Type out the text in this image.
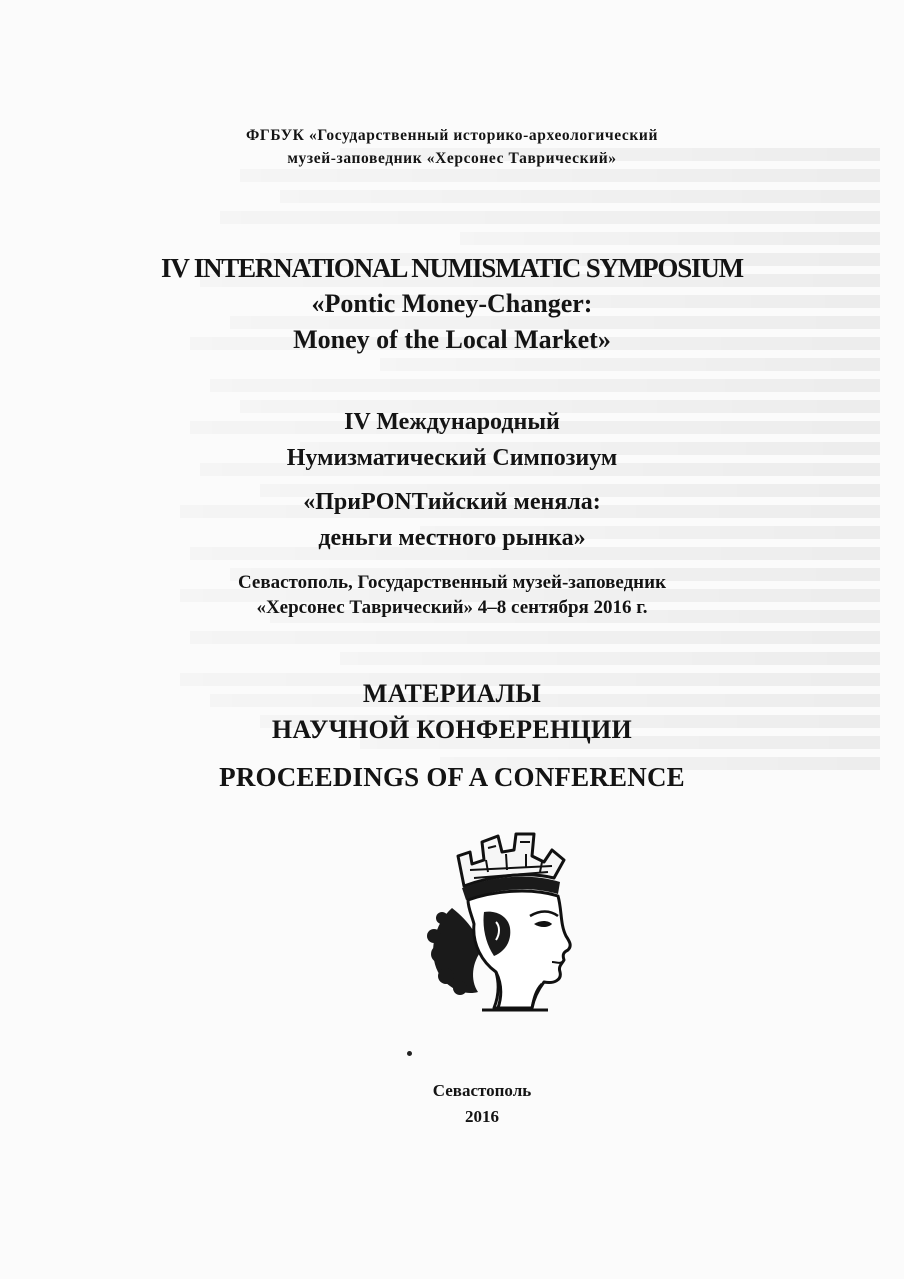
ФГБУК «Государственный историко-археологический
музей-заповедник «Херсонес Таврический»
IV INTERNATIONAL NUMISMATIC SYMPOSIUM
«Pontic Money-Changer:
Money of the Local Market»
IV Международный
Нумизматический Симпозиум
«ПриPONTийский меняла:
деньги местного рынка»
Севастополь, Государственный музей-заповедник
«Херсонес Таврический» 4–8 сентября 2016 г.
МАТЕРИАЛЫ
НАУЧНОЙ КОНФЕРЕНЦИИ
PROCEEDINGS OF A CONFERENCE
Севастополь
2016
